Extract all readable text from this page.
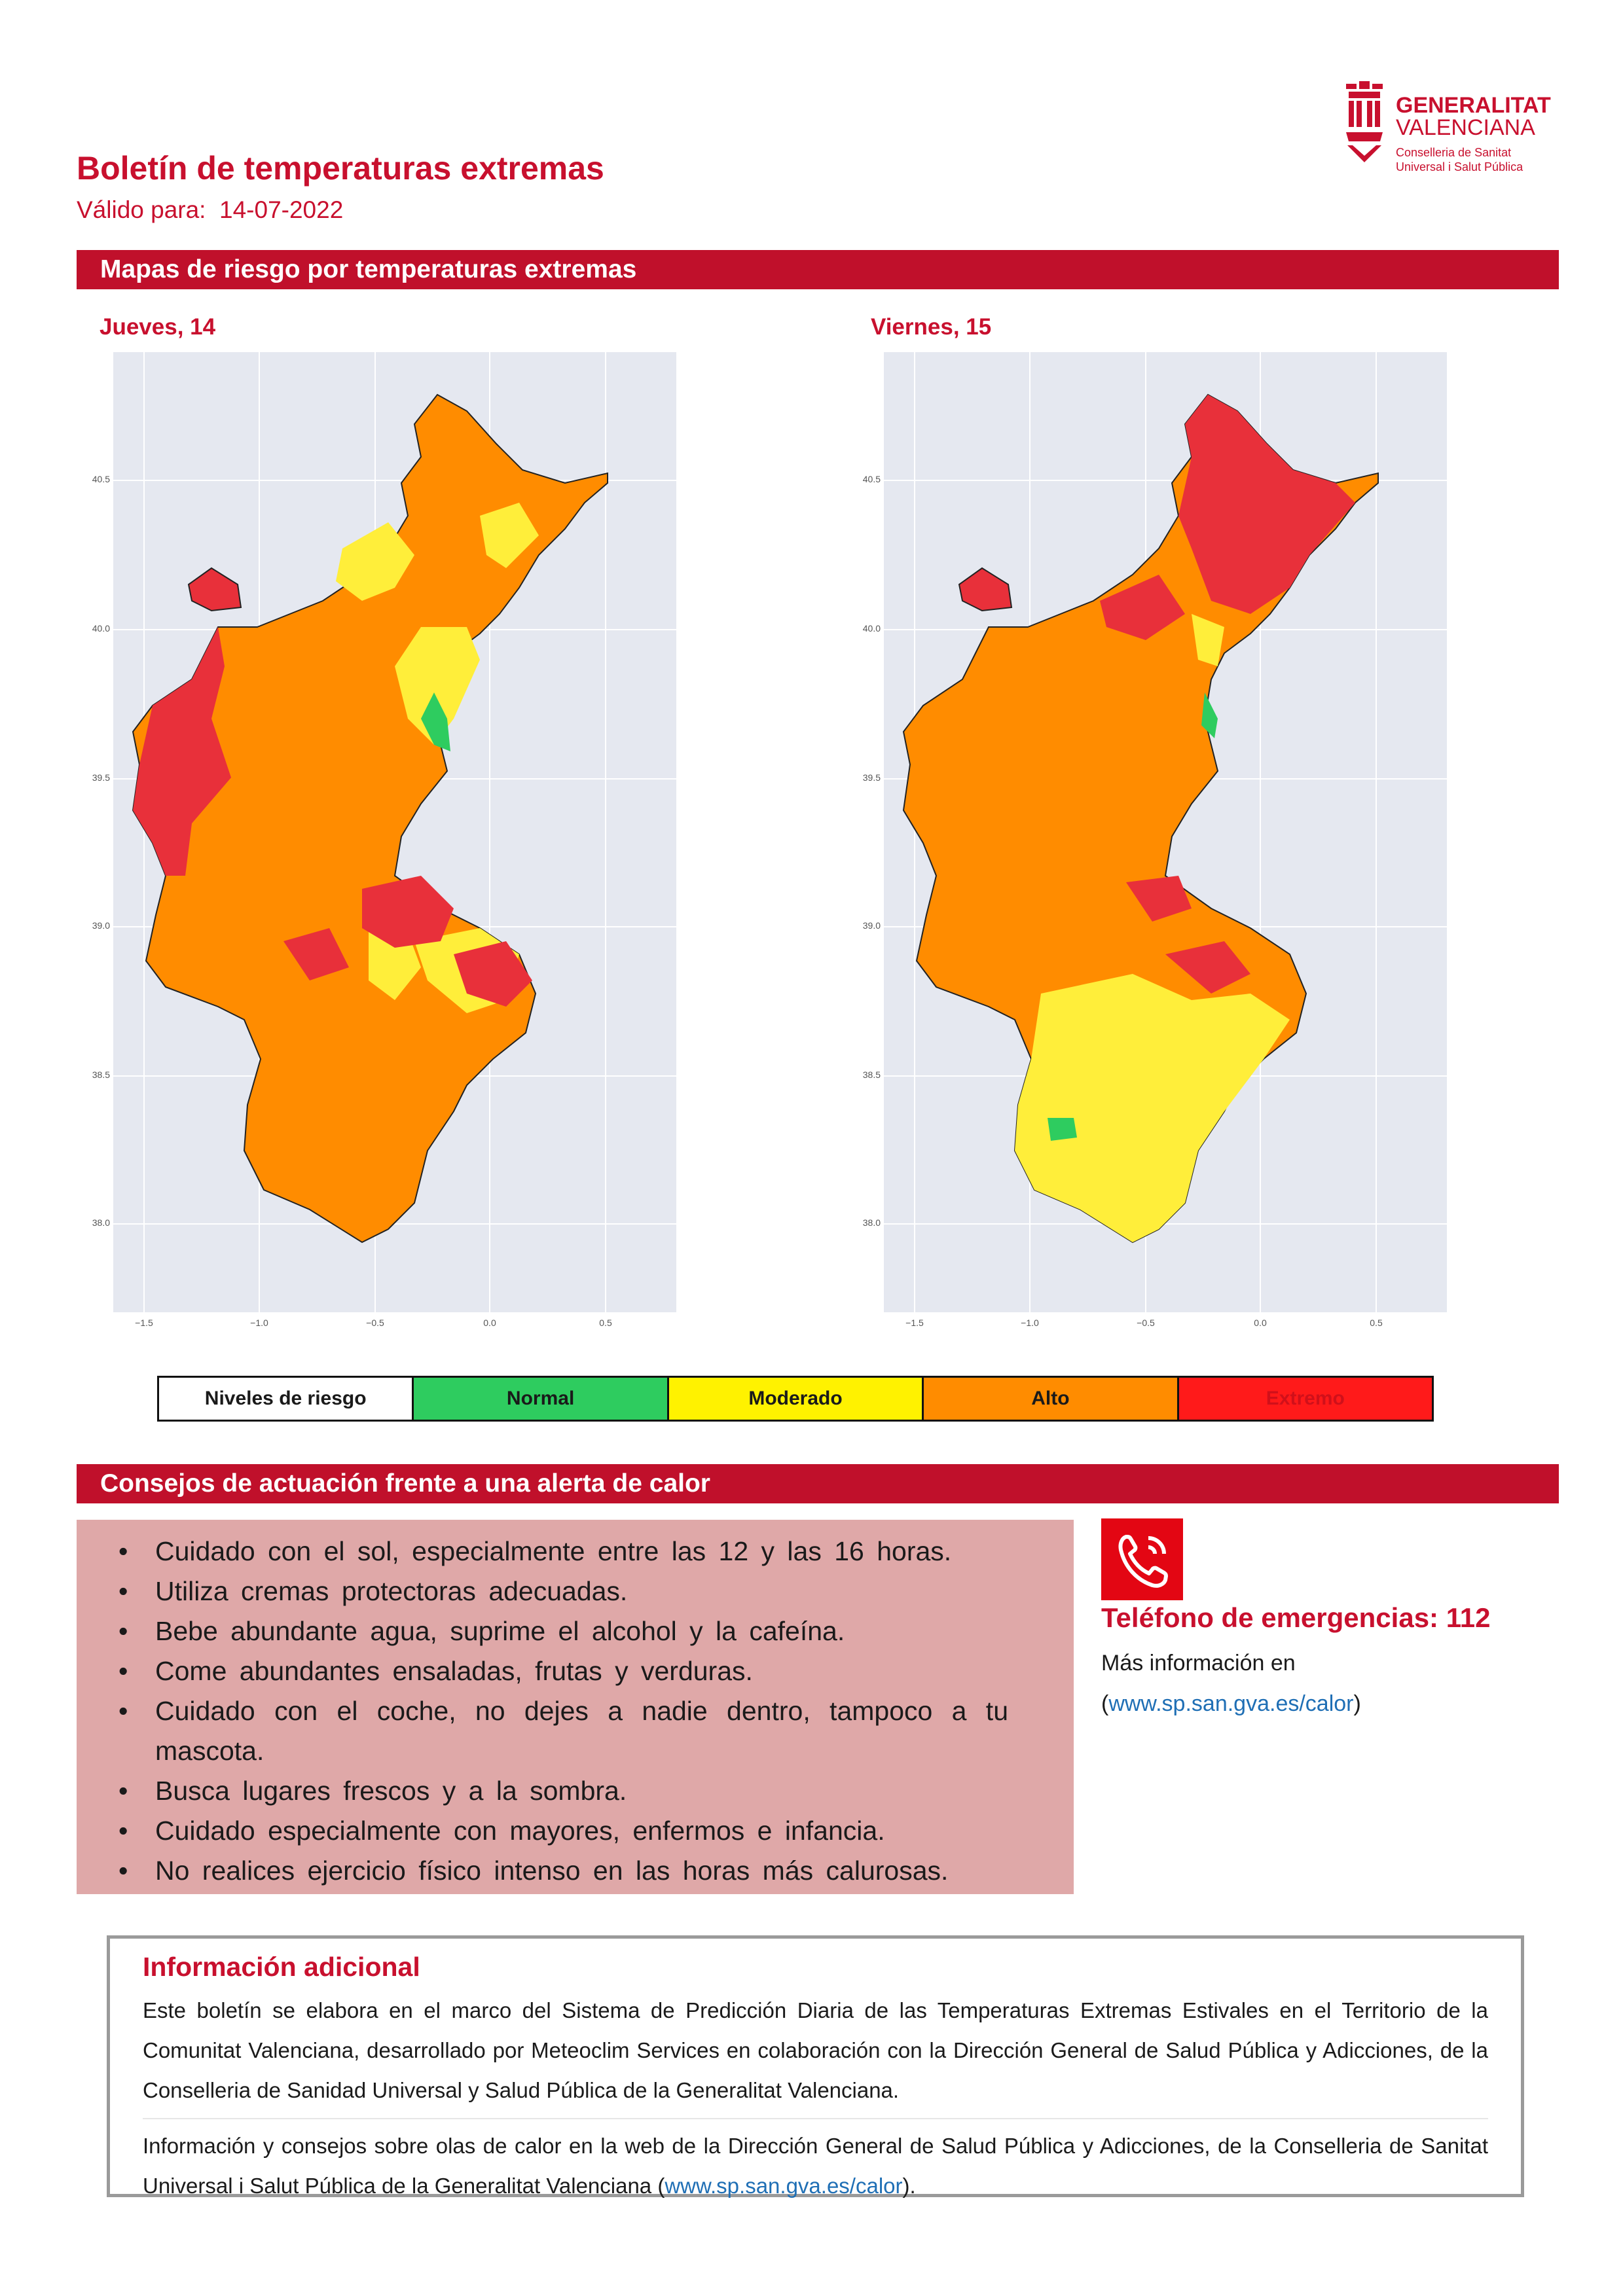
Boletín de temperaturas extremas
Válido para: 14-07-2022
GENERALITAT
VALENCIANA
Conselleria de Sanitat
Universal i Salut Pública
Mapas de riesgo por temperaturas extremas
Jueves, 14	Viernes, 15
40.5
40.0
39.5
39.0
38.5
38.0
−1.5	−1.0	−0.5	0.0	0.5
40.5
40.0
39.5
39.0
38.5
38.0
−1.5	−1.0	−0.5	0.0	0.5
Niveles de riesgo	Normal	Moderado	Alto	Extremo
Consejos de actuación frente a una alerta de calor
• Cuidado con el sol, especialmente entre las 12 y las 16 horas.
• Utiliza cremas protectoras adecuadas.
• Bebe abundante agua, suprime el alcohol y la cafeína.
• Come abundantes ensaladas, frutas y verduras.
• Cuidado con el coche, no dejes a nadie dentro, tampoco a tu mascota.
• Busca lugares frescos y a la sombra.
• Cuidado especialmente con mayores, enfermos e infancia.
• No realices ejercicio físico intenso en las horas más calurosas.
Teléfono de emergencias: 112
Más información en
(www.sp.san.gva.es/calor)
Información adicional

Este boletín se elabora en el marco del Sistema de Predicción Diaria de las Temperaturas Extremas Estivales en el Territorio de la Comunitat Valenciana, desarrollado por Meteoclim Services en colaboración con la Dirección General de Salud Pública y Adicciones, de la Conselleria de Sanidad Universal y Salud Pública de la Generalitat Valenciana.

Información y consejos sobre olas de calor en la web de la Dirección General de Salud Pública y Adicciones, de la Conselleria de Sanitat Universal i Salut Pública de la Generalitat Valenciana (www.sp.san.gva.es/calor).
